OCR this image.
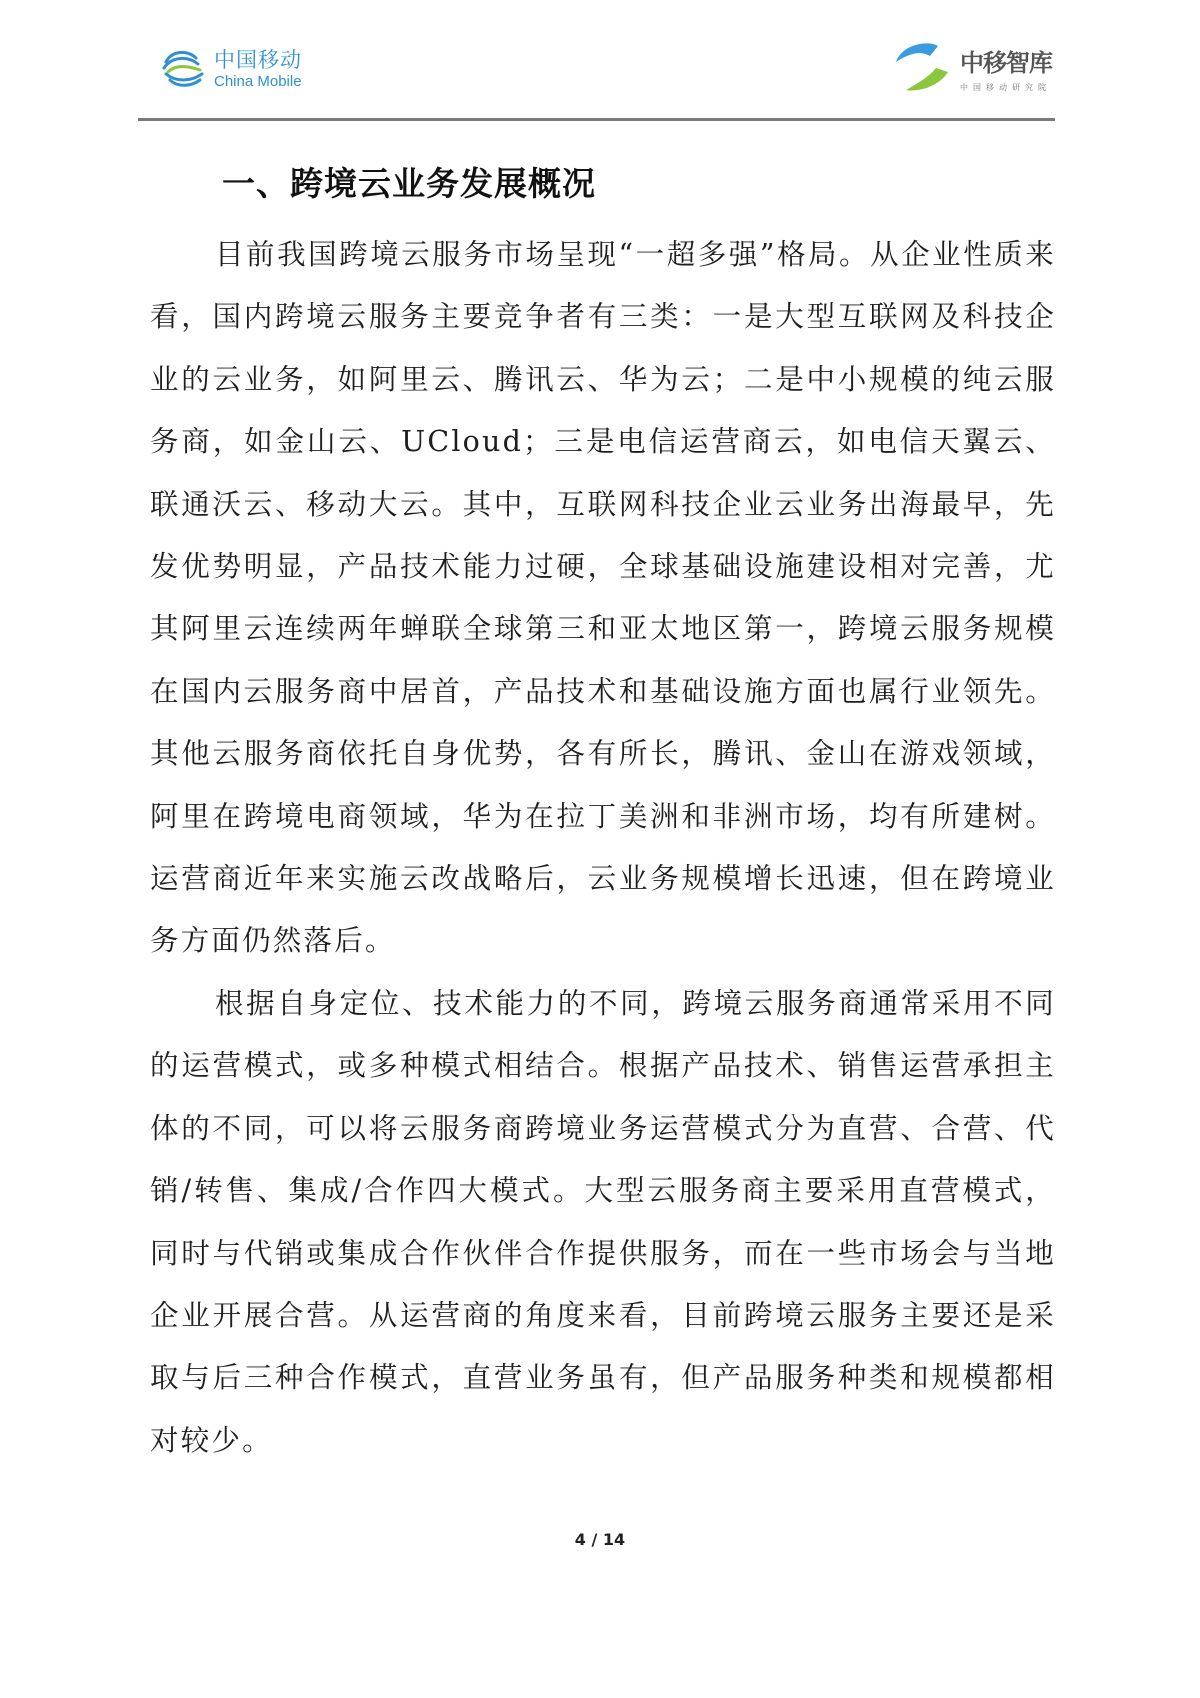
中国移动
China Mobile
中移智库
中国移动研究院
一、跨境云业务发展概况

目前我国跨境云服务市场呈现“一超多强”格局。从企业性质来看，国内跨境云服务主要竞争者有三类：一是大型互联网及科技企业的云业务，如阿里云、腾讯云、华为云；二是中小规模的纯云服务商，如金山云、UCloud；三是电信运营商云，如电信天翼云、联通沃云、移动大云。其中，互联网科技企业云业务出海最早，先发优势明显，产品技术能力过硬，全球基础设施建设相对完善，尤其阿里云连续两年蝉联全球第三和亚太地区第一，跨境云服务规模在国内云服务商中居首，产品技术和基础设施方面也属行业领先。其他云服务商依托自身优势，各有所长，腾讯、金山在游戏领域，阿里在跨境电商领域，华为在拉丁美洲和非洲市场，均有所建树。运营商近年来实施云改战略后，云业务规模增长迅速，但在跨境业务方面仍然落后。

根据自身定位、技术能力的不同，跨境云服务商通常采用不同的运营模式，或多种模式相结合。根据产品技术、销售运营承担主体的不同，可以将云服务商跨境业务运营模式分为直营、合营、代销/转售、集成/合作四大模式。大型云服务商主要采用直营模式，同时与代销或集成合作伙伴合作提供服务，而在一些市场会与当地企业开展合营。从运营商的角度来看，目前跨境云服务主要还是采取与后三种合作模式，直营业务虽有，但产品服务种类和规模都相对较少。

4 / 14
